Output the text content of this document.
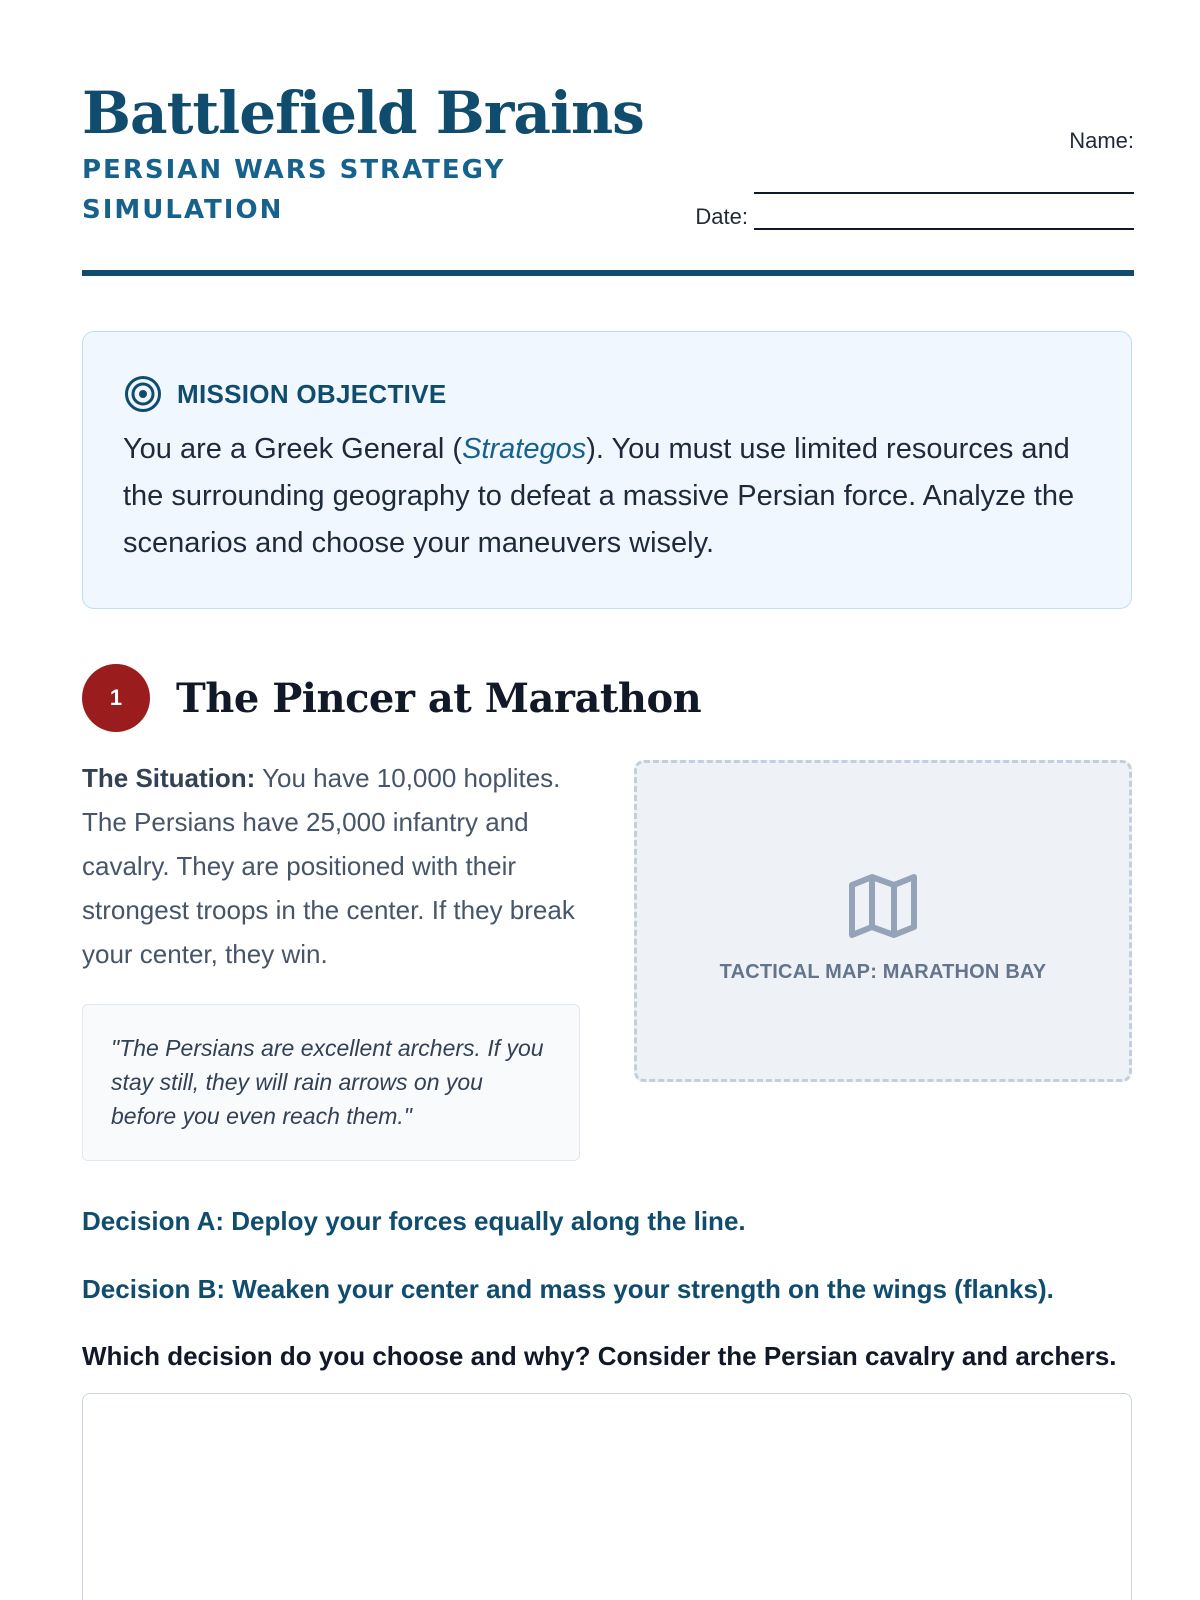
Battlefield Brains
PERSIAN WARS STRATEGY SIMULATION
Name:
Date:
MISSION OBJECTIVE
You are a Greek General (Strategos). You must use limited resources and the surrounding geography to defeat a massive Persian force. Analyze the scenarios and choose your maneuvers wisely.
1	The Pincer at Marathon
The Situation: You have 10,000 hoplites. The Persians have 25,000 infantry and cavalry. They are positioned with their strongest troops in the center. If they break your center, they win.
"The Persians are excellent archers. If you stay still, they will rain arrows on you before you even reach them."
TACTICAL MAP: MARATHON BAY
Decision A: Deploy your forces equally along the line.
Decision B: Weaken your center and mass your strength on the wings (flanks).
Which decision do you choose and why? Consider the Persian cavalry and archers.
